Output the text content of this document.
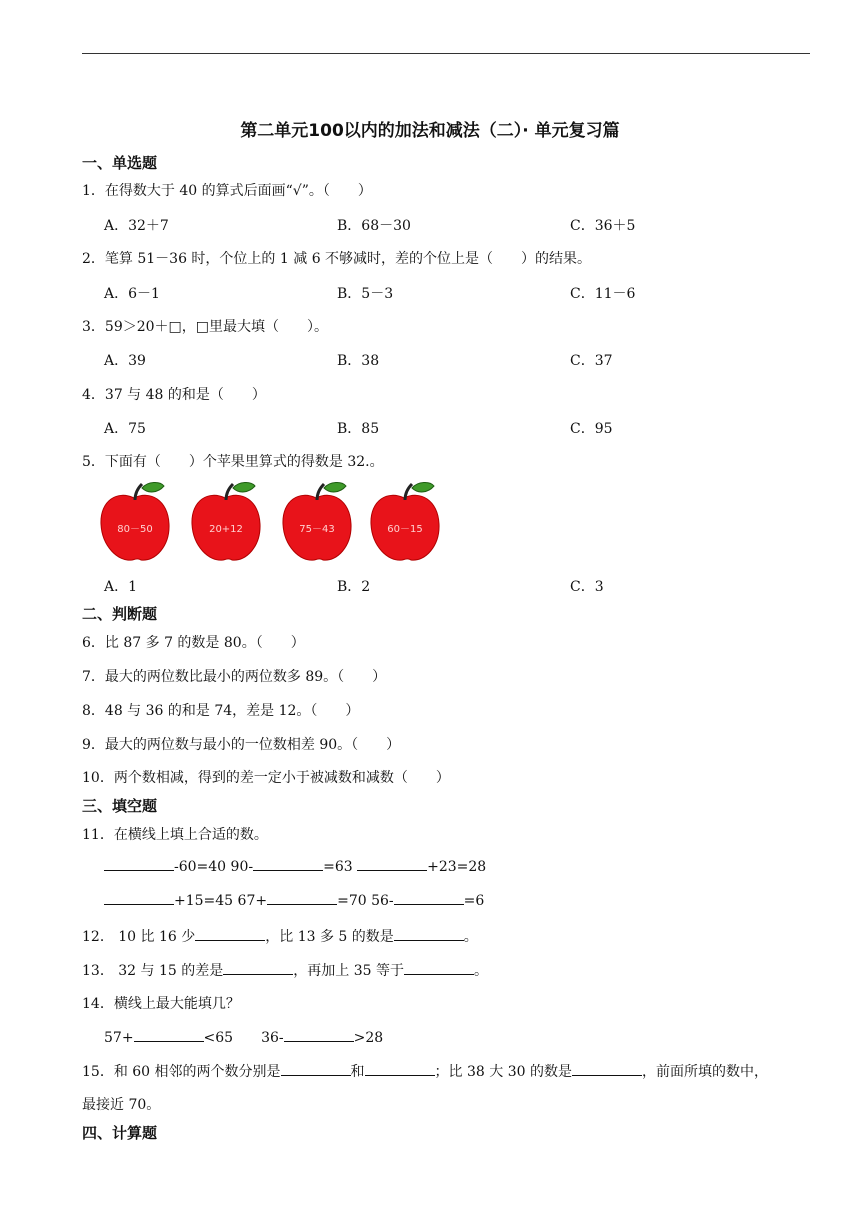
第二单元100以内的加法和减法（二）· 单元复习篇
一、单选题
1．在得数大于 40 的算式后面画“√”。（　　）
A．32＋7	B．68－30	C．36＋5
2．笔算 51－36 时，个位上的 1 减 6 不够减时，差的个位上是（　　）的结果。
A．6－1	B．5－3	C．11－6
3．59＞20＋□，□里最大填（　　）。
A．39	B．38	C．37
4．37 与 48 的和是（　　）
A．75	B．85	C．95
5．下面有（　　）个苹果里算式的得数是 32.。
80－50	20+12	75－43	60－15
A．1	B．2	C．3
二、判断题
6．比 87 多 7 的数是 80。（　　）
7．最大的两位数比最小的两位数多 89。（　　）
8．48 与 36 的和是 74，差是 12。（　　）
9．最大的两位数与最小的一位数相差 90。（　　）
10．两个数相减，得到的差一定小于被减数和减数（　　）
三、填空题
11．在横线上填上合适的数。
-60=40 90-	=63	+23=28
+15=45 67+	=70 56-	=6
12． 10 比 16 少	，比 13 多 5 的数是	。
13． 32 与 15 的差是	，再加上 35 等于	。
14．横线上最大能填几？
57+	<65　　36-	>28
15．和 60 相邻的两个数分别是	和	；比 38 大 30 的数是	，前面所填的数中，
最接近 70。
四、计算题
